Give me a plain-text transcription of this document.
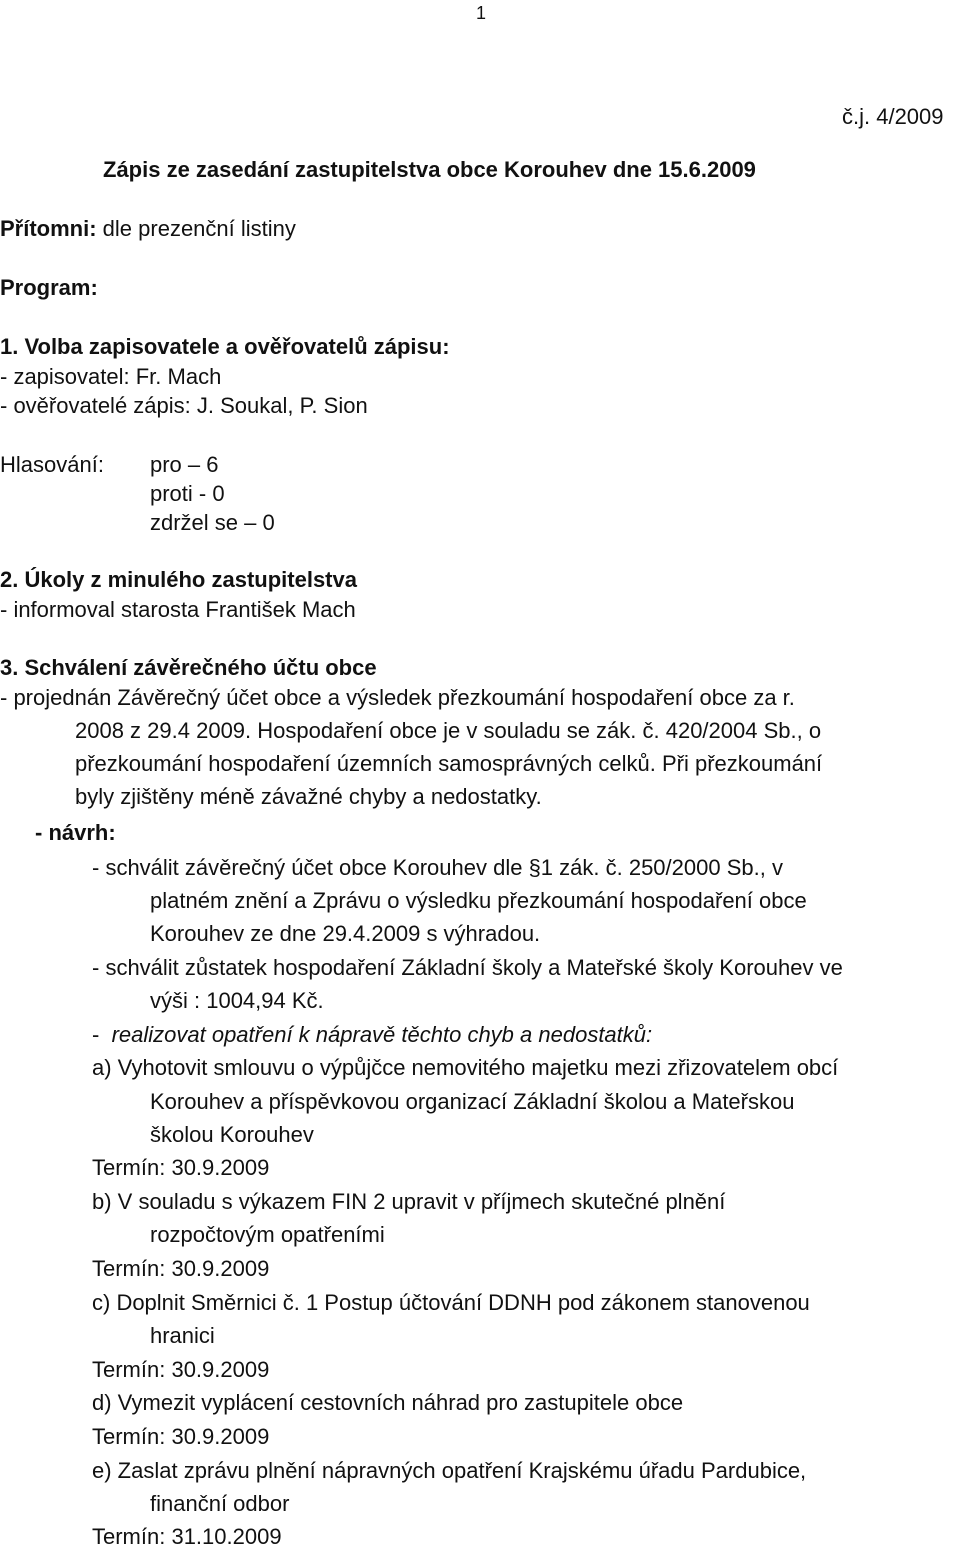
1
č.j. 4/2009
Zápis ze zasedání zastupitelstva obce Korouhev dne 15.6.2009
Přítomni: dle prezenční listiny
Program:
1. Volba zapisovatele a ověřovatelů zápisu:
- zapisovatel: Fr. Mach
- ověřovatelé zápis: J. Soukal, P. Sion
Hlasování: pro – 6
proti - 0
zdržel se – 0
2. Úkoly z minulého zastupitelstva
- informoval starosta František Mach
3. Schválení závěrečného účtu obce
- projednán Závěrečný účet obce a výsledek přezkoumání hospodaření obce za r.
2008 z 29.4 2009. Hospodaření obce je v souladu se zák. č. 420/2004 Sb., o
přezkoumání hospodaření územních samosprávných celků. Při přezkoumání
byly zjištěny méně závažné chyby a nedostatky.
- návrh:
- schválit závěrečný účet obce Korouhev dle §1 zák. č. 250/2000 Sb., v
platném znění a Zprávu o výsledku přezkoumání hospodaření obce
Korouhev ze dne 29.4.2009 s výhradou.
- schválit zůstatek hospodaření Základní školy a Mateřské školy Korouhev ve
výši : 1004,94 Kč.
- realizovat opatření k nápravě těchto chyb a nedostatků:
a) Vyhotovit smlouvu o výpůjčce nemovitého majetku mezi zřizovatelem obcí
Korouhev a příspěvkovou organizací Základní školou a Mateřskou
školou Korouhev
Termín: 30.9.2009
b) V souladu s výkazem FIN 2 upravit v příjmech skutečné plnění
rozpočtovým opatřeními
Termín: 30.9.2009
c) Doplnit Směrnici č. 1 Postup účtování DDNH pod zákonem stanovenou
hranici
Termín: 30.9.2009
d) Vymezit vyplácení cestovních náhrad pro zastupitele obce
Termín: 30.9.2009
e) Zaslat zprávu plnění nápravných opatření Krajskému úřadu Pardubice,
finanční odbor
Termín: 31.10.2009
